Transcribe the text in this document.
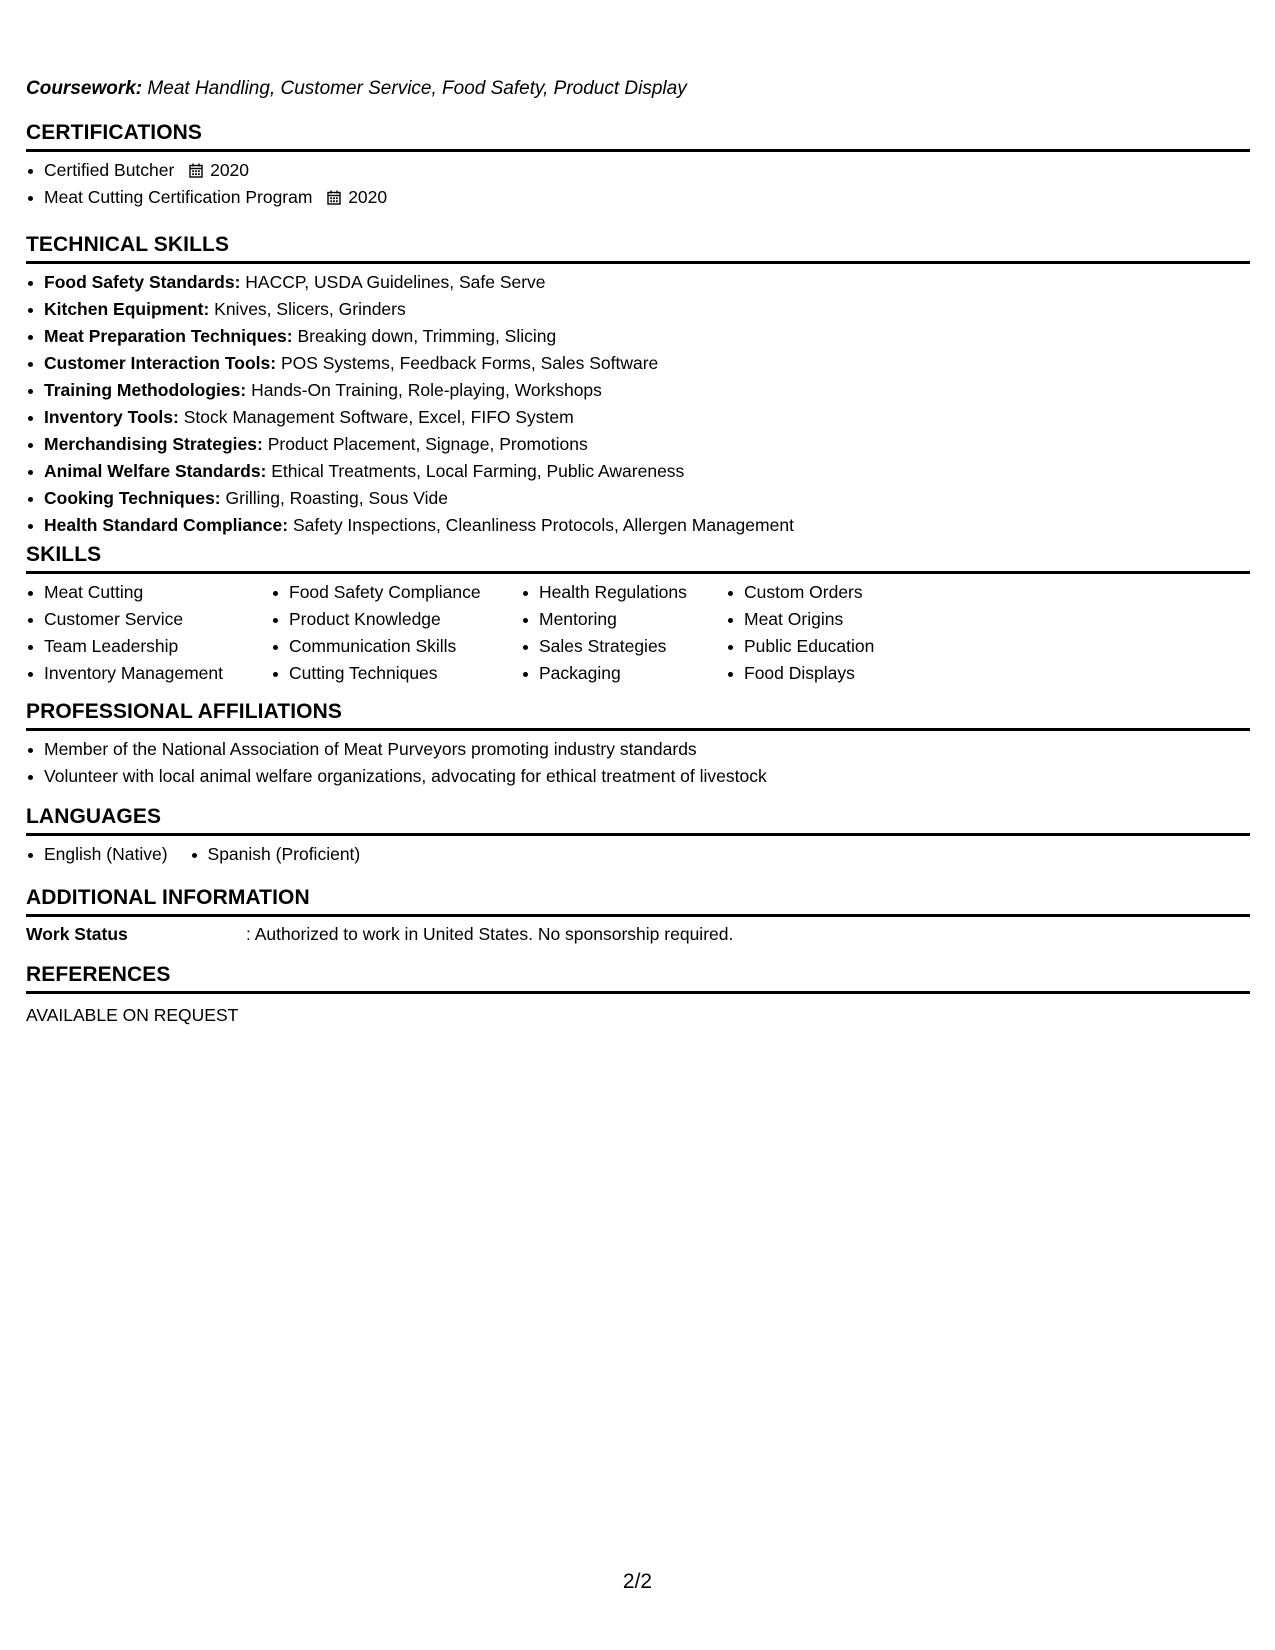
Coursework: Meat Handling, Customer Service, Food Safety, Product Display
CERTIFICATIONS
Certified Butcher 2020
Meat Cutting Certification Program 2020
TECHNICAL SKILLS
Food Safety Standards: HACCP, USDA Guidelines, Safe Serve
Kitchen Equipment: Knives, Slicers, Grinders
Meat Preparation Techniques: Breaking down, Trimming, Slicing
Customer Interaction Tools: POS Systems, Feedback Forms, Sales Software
Training Methodologies: Hands-On Training, Role-playing, Workshops
Inventory Tools: Stock Management Software, Excel, FIFO System
Merchandising Strategies: Product Placement, Signage, Promotions
Animal Welfare Standards: Ethical Treatments, Local Farming, Public Awareness
Cooking Techniques: Grilling, Roasting, Sous Vide
Health Standard Compliance: Safety Inspections, Cleanliness Protocols, Allergen Management
SKILLS
Meat Cutting
Customer Service
Team Leadership
Inventory Management
Food Safety Compliance
Product Knowledge
Communication Skills
Cutting Techniques
Health Regulations
Mentoring
Sales Strategies
Packaging
Custom Orders
Meat Origins
Public Education
Food Displays
PROFESSIONAL AFFILIATIONS
Member of the National Association of Meat Purveyors promoting industry standards
Volunteer with local animal welfare organizations, advocating for ethical treatment of livestock
LANGUAGES
English (Native)	Spanish (Proficient)
ADDITIONAL INFORMATION
Work Status	: Authorized to work in United States. No sponsorship required.
REFERENCES
AVAILABLE ON REQUEST
2/2
